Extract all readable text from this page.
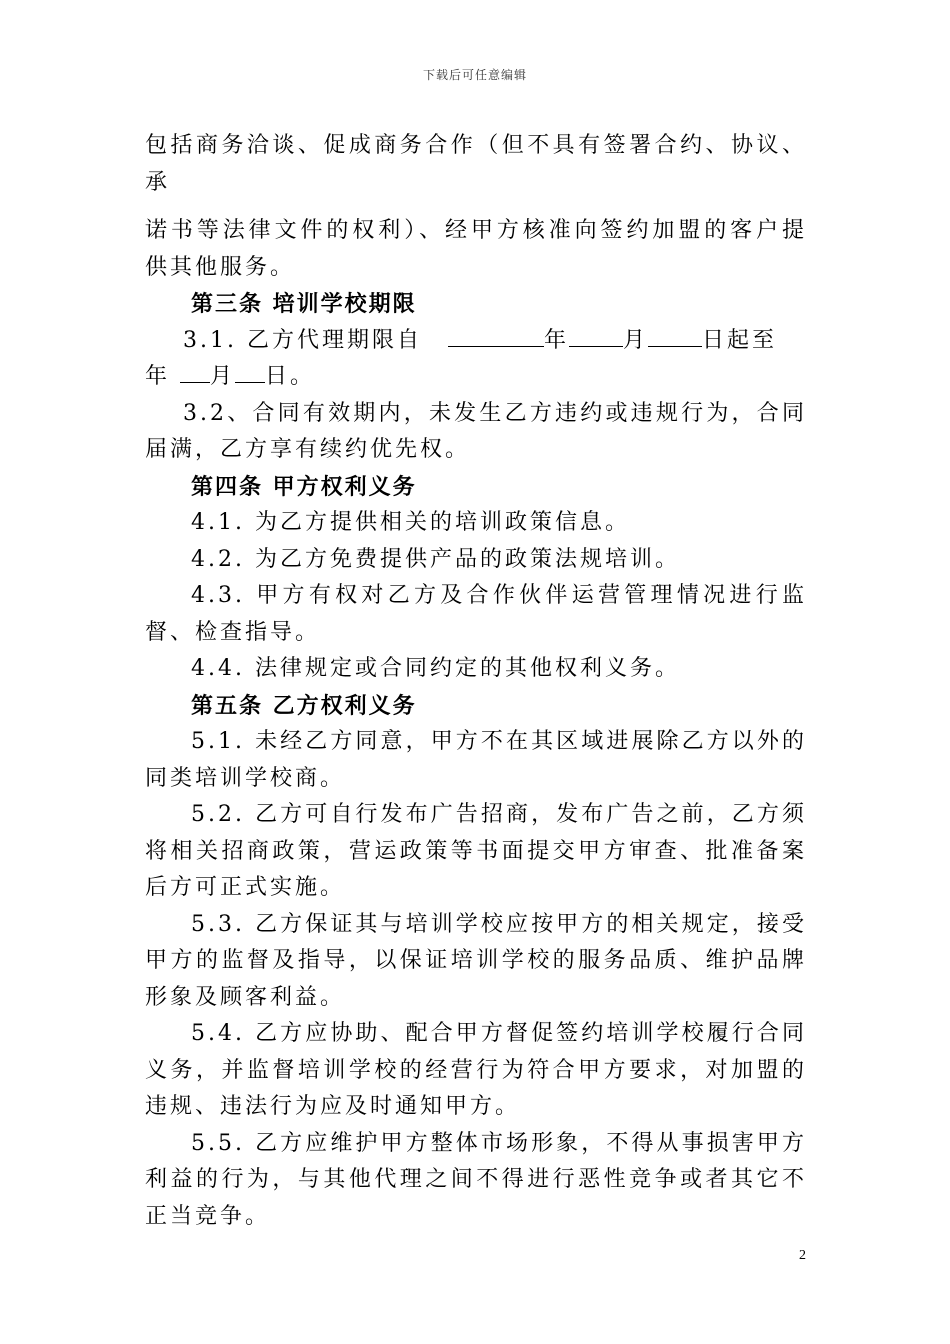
下载后可任意编辑

包括商务洽谈、促成商务合作（但不具有签署合约、协议、承

诺书等法律文件的权利）、经甲方核准向签约加盟的客户提供其他服务。

第三条 培训学校期限

3.1. 乙方代理期限自	年 月 日起至
年 月 日。

3.2、合同有效期内，未发生乙方违约或违规行为，合同届满，乙方享有续约优先权。

第四条 甲方权利义务

4.1. 为乙方提供相关的培训政策信息。

4.2. 为乙方免费提供产品的政策法规培训。

4.3. 甲方有权对乙方及合作伙伴运营管理情况进行监督、检查指导。

4.4. 法律规定或合同约定的其他权利义务。

第五条 乙方权利义务

5.1. 未经乙方同意，甲方不在其区域进展除乙方以外的同类培训学校商。

5.2. 乙方可自行发布广告招商，发布广告之前，乙方须将相关招商政策，营运政策等书面提交甲方审查、批准备案后方可正式实施。

5.3. 乙方保证其与培训学校应按甲方的相关规定，接受甲方的监督及指导，以保证培训学校的服务品质、维护品牌形象及顾客利益。

5.4. 乙方应协助、配合甲方督促签约培训学校履行合同义务，并监督培训学校的经营行为符合甲方要求，对加盟的违规、违法行为应及时通知甲方。

5.5. 乙方应维护甲方整体市场形象，不得从事损害甲方利益的行为，与其他代理之间不得进行恶性竞争或者其它不正当竞争。

2
